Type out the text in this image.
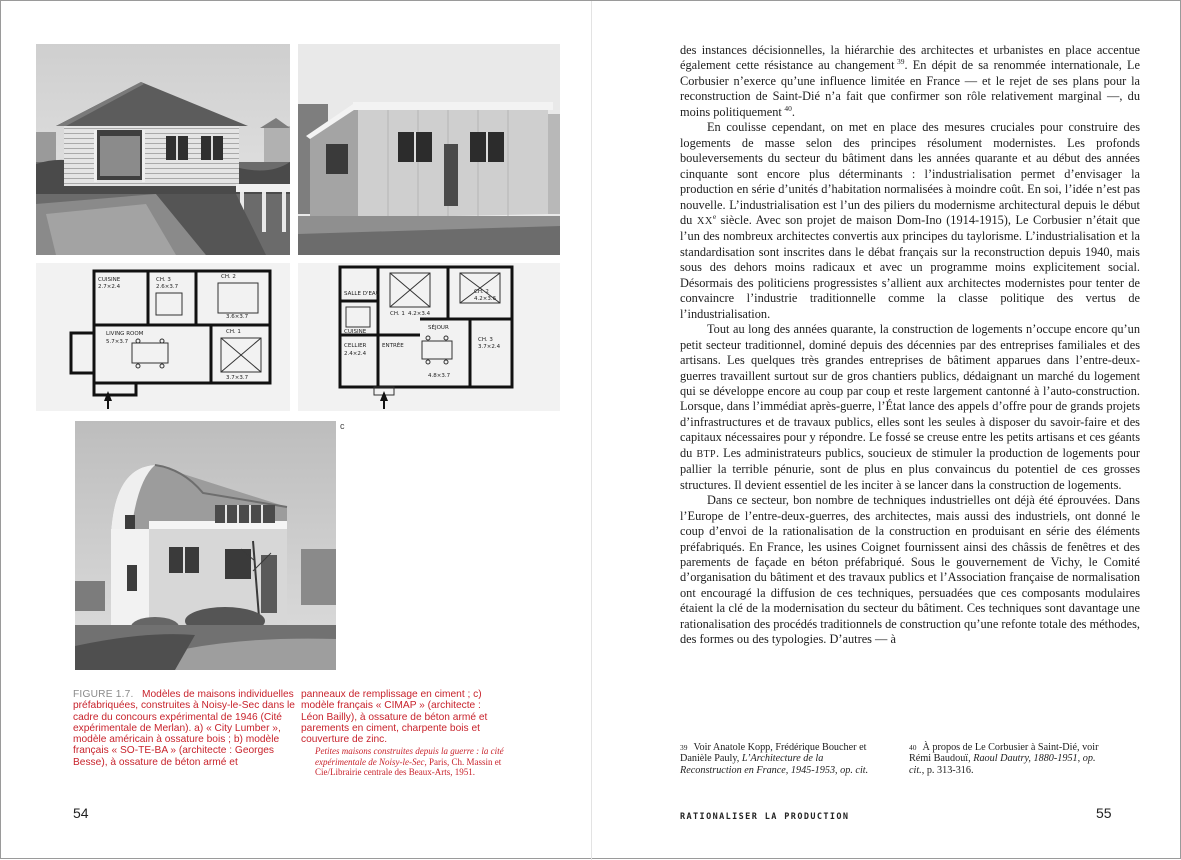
LIVING ROOM
5.7×3.7
CH. 3
2.6×3.7
CH. 2
3.6×3.7
CH. 1
3.7×3.7
CUISINE
2.7×2.4
CH. 1 4.2×3.4
CH. 2
4.2×3.6
CH. 3
3.7×2.4
SÉJOUR
4.8×3.7
CELLIER
2.4×2.4
SALLE D'EAU
CUISINE
ENTRÉE
c
FIGURE 1.7. Modèles de maisons individuelles préfabriquées, construites à Noisy-le-Sec dans le cadre du concours expérimental de 1946 (Cité expérimentale de Merlan). a) « City Lumber », modèle américain à ossature bois ; b) modèle français « SO-TE-BA » (architecte : Georges Besse), à ossature de béton armé et
panneaux de remplissage en ciment ; c) modèle français « CIMAP » (architecte : Léon Bailly), à ossature de béton armé et parements en ciment, charpente bois et couverture de zinc.
Petites maisons construites depuis la guerre : la cité expérimentale de Noisy-le-Sec, Paris, Ch. Massin et Cie/Librairie centrale des Beaux-Arts, 1951.

des instances décisionnelles, la hiérarchie des architectes et urbanistes en place accentue également cette résistance au changement  $^{39}$. En dépit de sa renommée internationale, Le Corbusier n’exerce qu’une influence limitée en France — et le rejet de ses plans pour la reconstruction de Saint-Dié n’a fait que confirmer son rôle relativement marginal —, du moins politiquement  $^{40}$.

En coulisse cependant, on met en place des mesures cruciales pour construire des logements de masse selon des principes résolument modernistes. Les profonds bouleversements du secteur du bâtiment dans les années quarante et au début des années cinquante sont encore plus déterminants : l’industrialisation permet d’envisager la production en série d’unités d’habitation normalisées à moindre coût. En soi, l’idée n’est pas nouvelle. L’industrialisation est l’un des piliers du modernisme architectural depuis le début du XXe siècle. Avec son projet de maison Dom-Ino (1914-1915), Le Corbusier n’était que l’un des nombreux architectes convertis aux principes du taylorisme. L’industrialisation et la standardisation sont inscrites dans le débat français sur la reconstruction depuis 1940, mais sous des dehors moins radicaux et avec un programme moins explicitement social. Désormais des politiciens progressistes s’allient aux architectes modernistes pour tenter de convaincre l’industrie traditionnelle comme la classe politique des vertus de l’industrialisation.

Tout au long des années quarante, la construction de logements n’occupe encore qu’un petit secteur traditionnel, dominé depuis des décennies par des entreprises familiales et des artisans. Les quelques très grandes entreprises de bâtiment apparues dans l’entre-deux-guerres travaillent surtout sur de gros chantiers publics, dédaignant un marché du logement qui se développe encore au coup par coup et reste largement cantonné à l’auto-construction. Lorsque, dans l’immédiat après-guerre, l’État lance des appels d’offre pour de grands projets d’infrastructures et de travaux publics, elles sont les seules à disposer du savoir-faire et des capitaux nécessaires pour y répondre. Le fossé se creuse entre les petits artisans et ces géants du BTP. Les administrateurs publics, soucieux de stimuler la production de logements pour pallier la terrible pénurie, sont de plus en plus convaincus du potentiel de ces grosses structures. Il devient essentiel de les inciter à se lancer dans la construction de logements.

Dans ce secteur, bon nombre de techniques industrielles ont déjà été éprouvées. Dans l’Europe de l’entre-deux-guerres, des architectes, mais aussi des industriels, ont donné le coup d’envoi de la rationalisation de la construction en produisant en série des éléments préfabriqués. En France, les usines Coignet fournissent ainsi des châssis de fenêtres et des parements de façade en béton préfabriqué. Sous le gouvernement de Vichy, le Comité d’organisation du bâtiment et des travaux publics et l’Association française de normalisation ont encouragé la diffusion de ces techniques, persuadées que ces composants modulaires étaient la clé de la modernisation du secteur du bâtiment. Ces techniques sont davantage une rationalisation des procédés traditionnels de construction qu’une refonte totale des méthodes, des formes ou des typologies. D’autres — à

$^{39}$ Voir Anatole Kopp, Frédérique Boucher et Danièle Pauly, L’Architecture de la Reconstruction en France, 1945-1953, op. cit.
$^{40}$ À propos de Le Corbusier à Saint-Dié, voir Rémi Baudouï, Raoul Dautry, 1880-1951, op. cit., p. 313-316.
54	RATIONALISER LA PRODUCTION	55
